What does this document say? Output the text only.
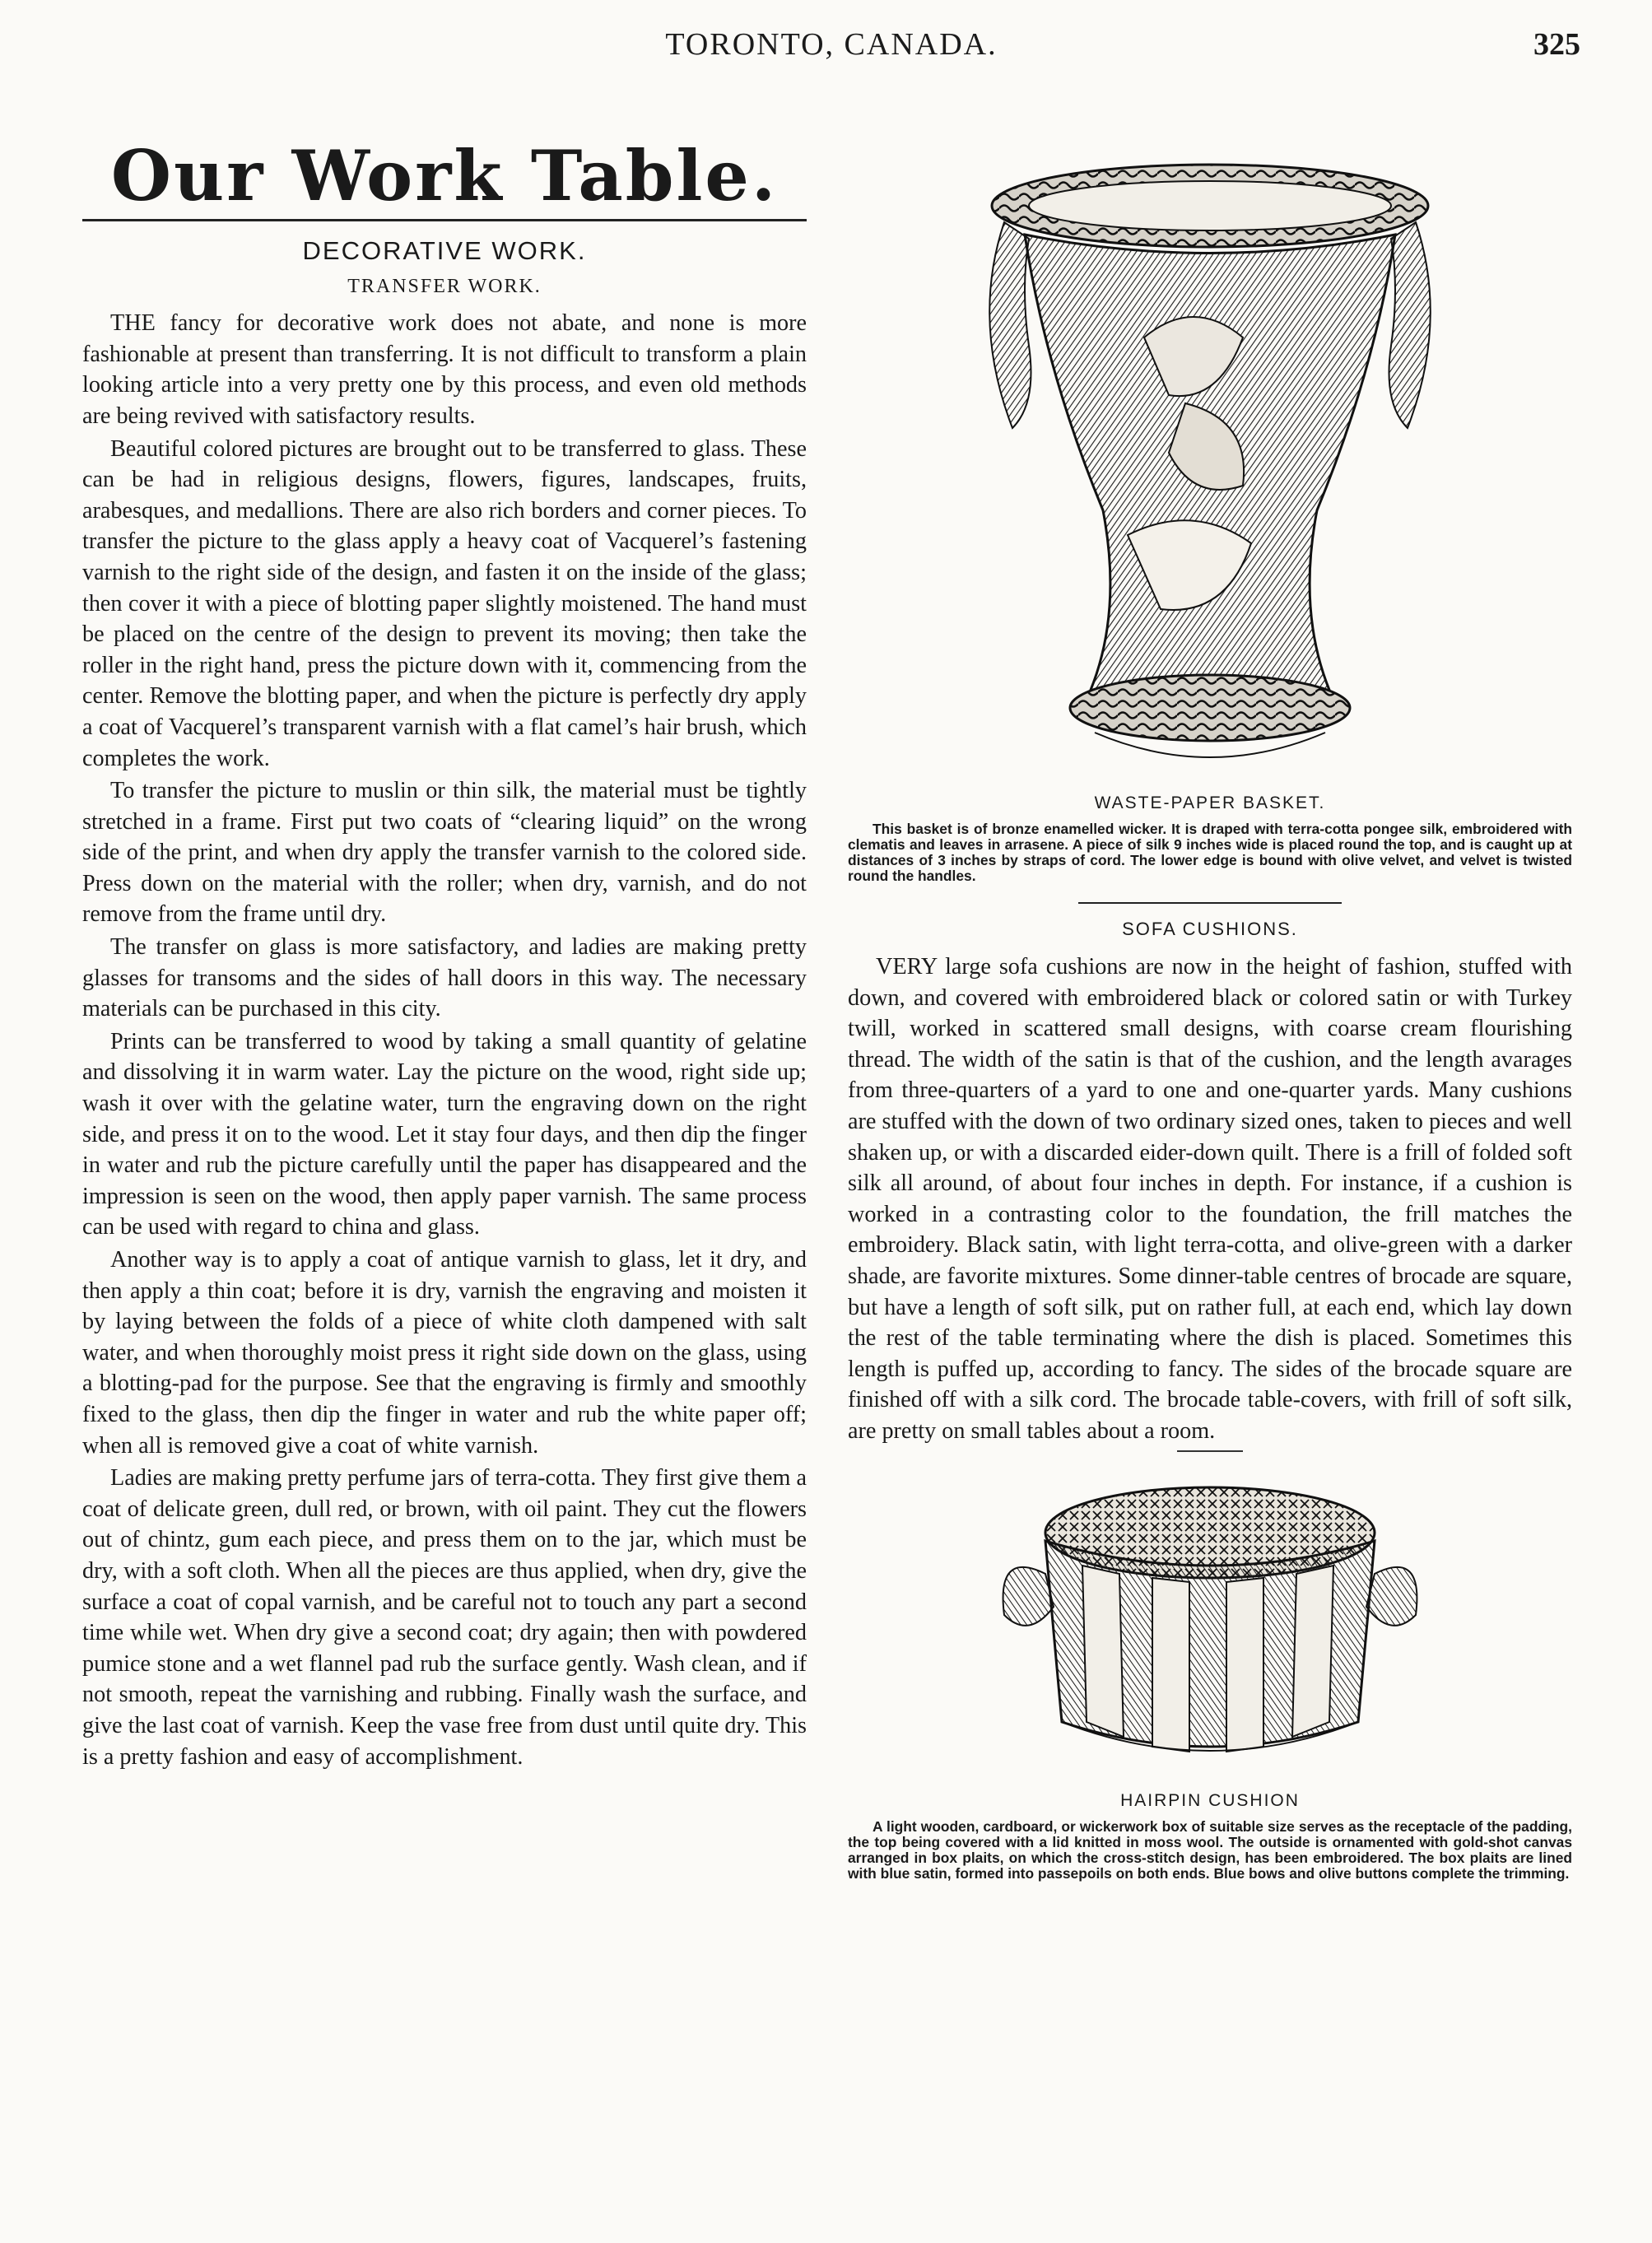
TORONTO, CANADA.	325
Our Work Table.
DECORATIVE WORK.
TRANSFER WORK.

THE fancy for decorative work does not abate, and none is more fashionable at present than transferring. It is not difficult to transform a plain looking article into a very pretty one by this process, and even old methods are being revived with satisfactory results.

Beautiful colored pictures are brought out to be transferred to glass. These can be had in religious designs, flowers, figures, landscapes, fruits, arabesques, and medallions. There are also rich borders and corner pieces. To transfer the picture to the glass apply a heavy coat of Vacquerel’s fastening varnish to the right side of the design, and fasten it on the inside of the glass; then cover it with a piece of blotting paper slightly moistened. The hand must be placed on the centre of the design to prevent its moving; then take the roller in the right hand, press the picture down with it, commencing from the center. Remove the blotting paper, and when the picture is perfectly dry apply a coat of Vacquerel’s transparent varnish with a flat camel’s hair brush, which completes the work.

To transfer the picture to muslin or thin silk, the material must be tightly stretched in a frame. First put two coats of “clearing liquid” on the wrong side of the print, and when dry apply the transfer varnish to the colored side. Press down on the material with the roller; when dry, varnish, and do not remove from the frame until dry.

The transfer on glass is more satisfactory, and ladies are making pretty glasses for transoms and the sides of hall doors in this way. The necessary materials can be purchased in this city.

Prints can be transferred to wood by taking a small quantity of gelatine and dissolving it in warm water. Lay the picture on the wood, right side up; wash it over with the gelatine water, turn the engraving down on the right side, and press it on to the wood. Let it stay four days, and then dip the finger in water and rub the picture carefully until the paper has disappeared and the impression is seen on the wood, then apply paper varnish. The same process can be used with regard to china and glass.

Another way is to apply a coat of antique varnish to glass, let it dry, and then apply a thin coat; before it is dry, varnish the engraving and moisten it by laying between the folds of a piece of white cloth dampened with salt water, and when thoroughly moist press it right side down on the glass, using a blotting-pad for the purpose. See that the engraving is firmly and smoothly fixed to the glass, then dip the finger in water and rub the white paper off; when all is removed give a coat of white varnish.

Ladies are making pretty perfume jars of terra-cotta. They first give them a coat of delicate green, dull red, or brown, with oil paint. They cut the flowers out of chintz, gum each piece, and press them on to the jar, which must be dry, with a soft cloth. When all the pieces are thus applied, when dry, give the surface a coat of copal varnish, and be careful not to touch any part a second time while wet. When dry give a second coat; dry again; then with powdered pumice stone and a wet flannel pad rub the surface gently. Wash clean, and if not smooth, repeat the varnishing and rubbing. Finally wash the surface, and give the last coat of varnish. Keep the vase free from dust until quite dry. This is a pretty fashion and easy of accomplishment.

WASTE-PAPER BASKET.

This basket is of bronze enamelled wicker. It is draped with terra-cotta pongee silk, embroidered with clematis and leaves in arrasene. A piece of silk 9 inches wide is placed round the top, and is caught up at distances of 3 inches by straps of cord. The lower edge is bound with olive velvet, and velvet is twisted round the handles.

SOFA CUSHIONS.

VERY large sofa cushions are now in the height of fashion, stuffed with down, and covered with embroidered black or colored satin or with Turkey twill, worked in scattered small designs, with coarse cream flourishing thread. The width of the satin is that of the cushion, and the length avarages from three-quarters of a yard to one and one-quarter yards. Many cushions are stuffed with the down of two ordinary sized ones, taken to pieces and well shaken up, or with a discarded eider-down quilt. There is a frill of folded soft silk all around, of about four inches in depth. For instance, if a cushion is worked in a contrasting color to the foundation, the frill matches the embroidery. Black satin, with light terra-cotta, and olive-green with a darker shade, are favorite mixtures. Some dinner-table centres of brocade are square, but have a length of soft silk, put on rather full, at each end, which lay down the rest of the table terminating where the dish is placed. Sometimes this length is puffed up, according to fancy. The sides of the brocade square are finished off with a silk cord. The brocade table-covers, with frill of soft silk, are pretty on small tables about a room.

HAIRPIN CUSHION

A light wooden, cardboard, or wickerwork box of suitable size serves as the receptacle of the padding, the top being covered with a lid knitted in moss wool. The outside is ornamented with gold-shot canvas arranged in box plaits, on which the cross-stitch design, has been embroidered. The box plaits are lined with blue satin, formed into passepoils on both ends. Blue bows and olive buttons complete the trimming.
